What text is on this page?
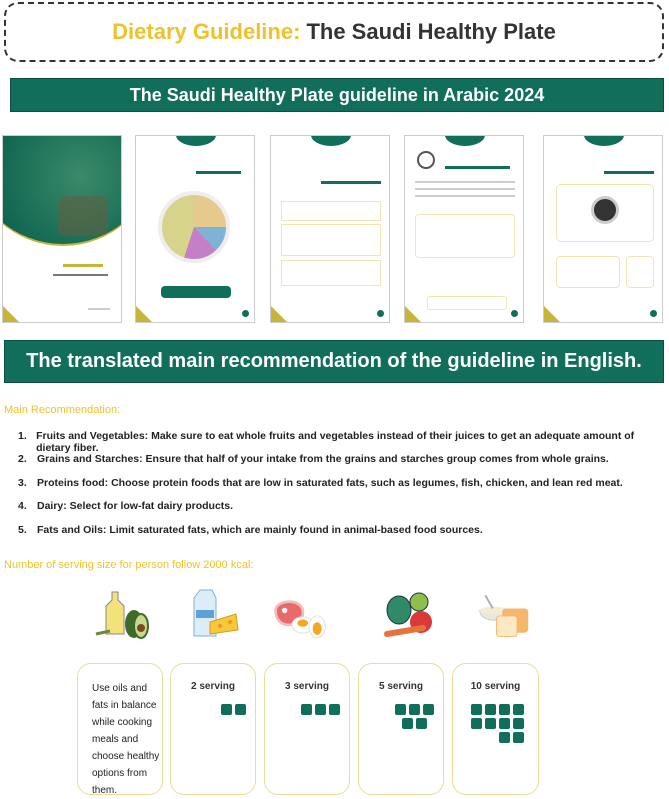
Dietary Guideline: The Saudi Healthy Plate
The Saudi Healthy Plate guideline in Arabic 2024
The translated main recommendation of the guideline in English.
Main Recommendation:
1. Fruits and Vegetables: Make sure to eat whole fruits and vegetables instead of their juices to get an adequate amount of dietary fiber.
2. Grains and Starches: Ensure that half of your intake from the grains and starches group comes from whole grains.
3. Proteins food: Choose protein foods that are low in saturated fats, such as legumes, fish, chicken, and lean red meat.
4. Dairy: Select for low-fat dairy products.
5. Fats and Oils: Limit saturated fats, which are mainly found in animal-based food sources.
Number of serving size for person follow 2000 kcal:
Use oils and fats in balance while cooking meals and choose healthy options from them.
2 serving	3 serving	5 serving	10 serving
